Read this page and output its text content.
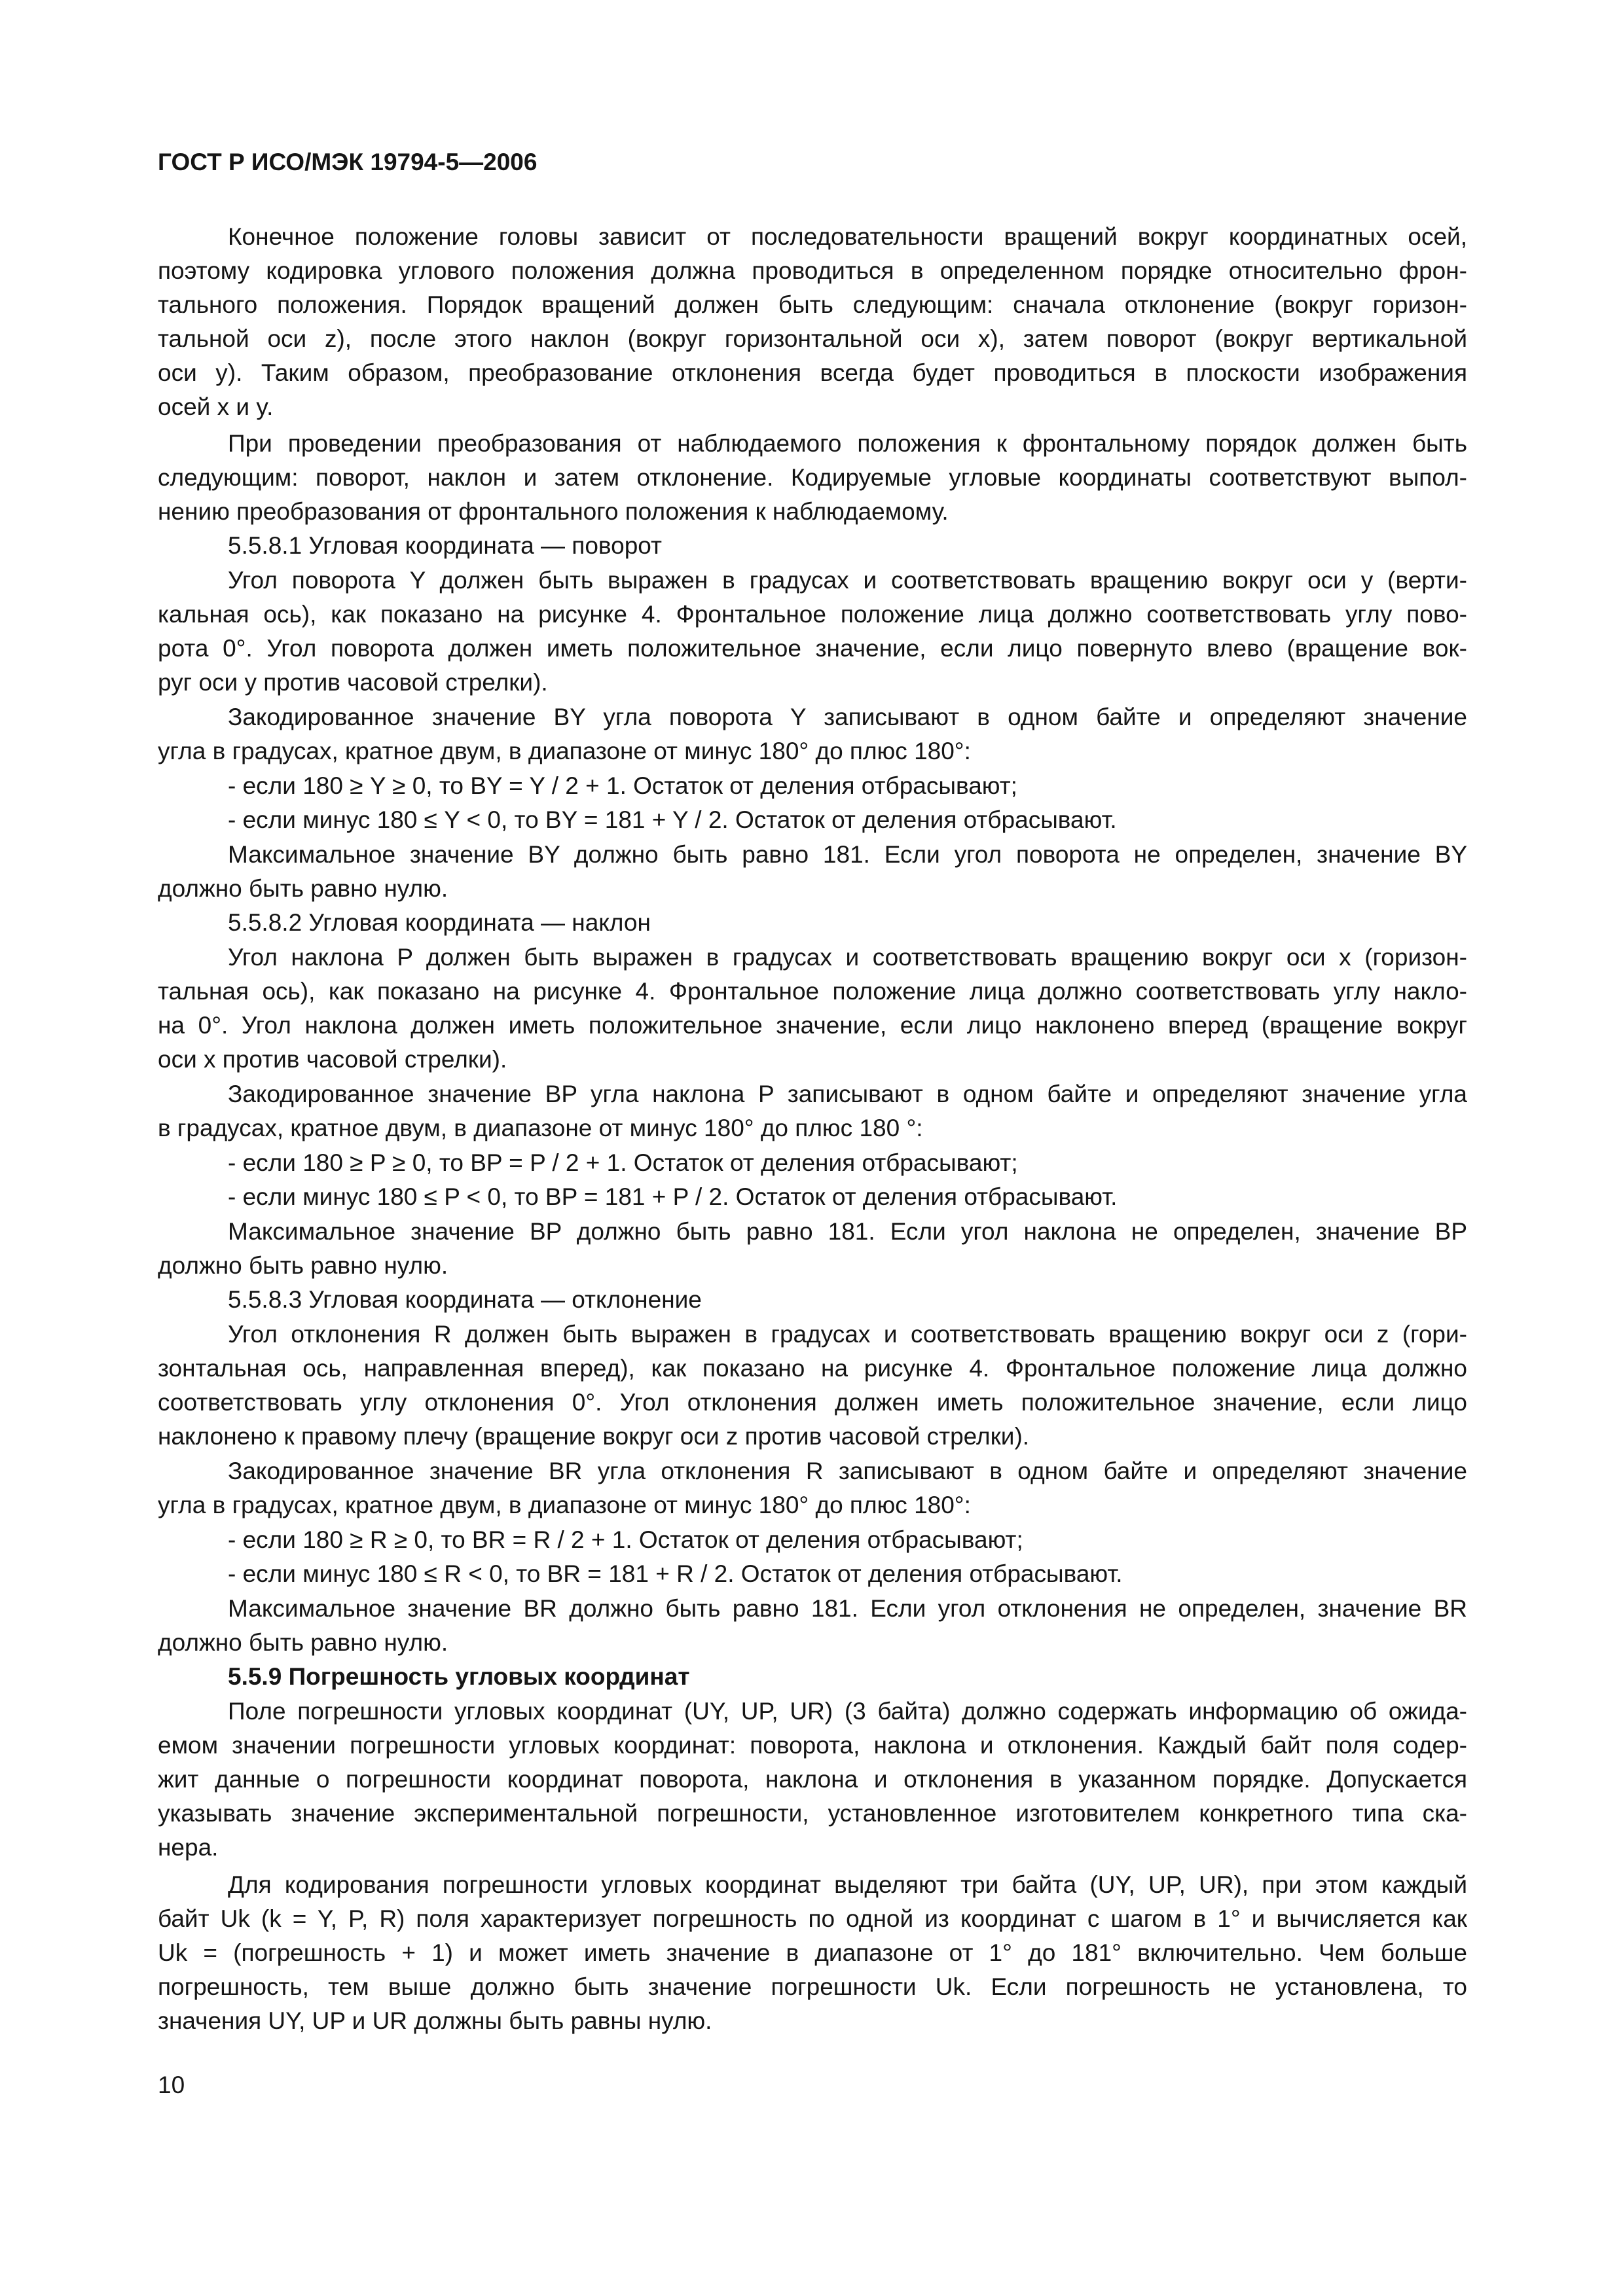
ГОСТ Р ИСО/МЭК 19794-5—2006

Конечное положение головы зависит от последовательности вращений вокруг координатных осей,

поэтому кодировка углового положения должна проводиться в определенном порядке относительно фрон-

тального положения. Порядок вращений должен быть следующим: сначала отклонение (вокруг горизон-

тальной оси z), после этого наклон (вокруг горизонтальной оси x), затем поворот (вокруг вертикальной

оси y). Таким образом, преобразование отклонения всегда будет проводиться в плоскости изображения

осей x и y.

При проведении преобразования от наблюдаемого положения к фронтальному порядок должен быть

следующим: поворот, наклон и затем отклонение. Кодируемые угловые координаты соответствуют выпол-

нению преобразования от фронтального положения к наблюдаемому.

5.5.8.1 Угловая координата — поворот

Угол поворота Y должен быть выражен в градусах и соответствовать вращению вокруг оси y (верти-

кальная ось), как показано на рисунке 4. Фронтальное положение лица должно соответствовать углу пово-

рота 0°. Угол поворота должен иметь положительное значение, если лицо повернуто влево (вращение вок-

руг оси y против часовой стрелки).

Закодированное значение BY угла поворота Y записывают в одном байте и определяют значение

угла в градусах, кратное двум, в диапазоне от минус 180° до плюс 180°:

- если 180 ≥ Y ≥ 0, то BY = Y / 2 + 1. Остаток от деления отбрасывают;

- если минус 180 ≤ Y < 0, то BY = 181 + Y / 2. Остаток от деления отбрасывают.

Максимальное значение BY должно быть равно 181. Если угол поворота не определен, значение BY

должно быть равно нулю.

5.5.8.2 Угловая координата — наклон

Угол наклона P должен быть выражен в градусах и соответствовать вращению вокруг оси x (горизон-

тальная ось), как показано на рисунке 4. Фронтальное положение лица должно соответствовать углу накло-

на 0°. Угол наклона должен иметь положительное значение, если лицо наклонено вперед (вращение вокруг

оси x против часовой стрелки).

Закодированное значение BP угла наклона P записывают в одном байте и определяют значение угла

в градусах, кратное двум, в диапазоне от минус 180° до плюс 180 °:

- если 180 ≥ P ≥ 0, то BP = P / 2 + 1. Остаток от деления отбрасывают;

- если минус 180 ≤ P < 0, то BP = 181 + P / 2. Остаток от деления отбрасывают.

Максимальное значение BP должно быть равно 181. Если угол наклона не определен, значение BP

должно быть равно нулю.

5.5.8.3 Угловая координата — отклонение

Угол отклонения R должен быть выражен в градусах и соответствовать вращению вокруг оси z (гори-

зонтальная ось, направленная вперед), как показано на рисунке 4. Фронтальное положение лица должно

соответствовать углу отклонения 0°. Угол отклонения должен иметь положительное значение, если лицо

наклонено к правому плечу (вращение вокруг оси z против часовой стрелки).

Закодированное значение BR угла отклонения R записывают в одном байте и определяют значение

угла в градусах, кратное двум, в диапазоне от минус 180° до плюс 180°:

- если 180 ≥ R ≥ 0, то BR = R / 2 + 1. Остаток от деления отбрасывают;

- если минус 180 ≤ R < 0, то BR = 181 + R / 2. Остаток от деления отбрасывают.

Максимальное значение BR должно быть равно 181. Если угол отклонения не определен, значение BR

должно быть равно нулю.

5.5.9 Погрешность угловых координат

Поле погрешности угловых координат (UY, UP, UR) (3 байта) должно содержать информацию об ожида-

емом значении погрешности угловых координат: поворота, наклона и отклонения. Каждый байт поля содер-

жит данные о погрешности координат поворота, наклона и отклонения в указанном порядке. Допускается

указывать значение экспериментальной погрешности, установленное изготовителем конкретного типа ска-

нера.

Для кодирования погрешности угловых координат выделяют три байта (UY, UP, UR), при этом каждый

байт Uk (k = Y, P, R) поля характеризует погрешность по одной из координат с шагом в 1° и вычисляется как

Uk = (погрешность + 1) и может иметь значение в диапазоне от 1° до 181° включительно. Чем больше

погрешность, тем выше должно быть значение погрешности Uk. Если погрешность не установлена, то

значения UY, UP и UR должны быть равны нулю.

10
